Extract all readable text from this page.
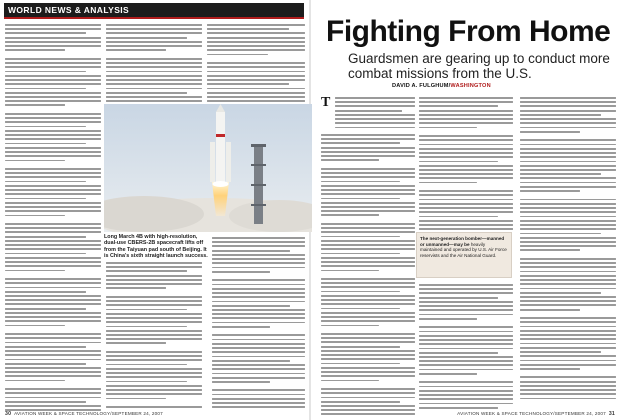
WORLD NEWS & ANALYSIS
Long March 4B with high-resolution, dual-use CBERS-2B spacecraft lifts off from the Taiyuan pad south of Beijing. It is China's sixth straight launch success.
30 AVIATION WEEK & SPACE TECHNOLOGY/SEPTEMBER 24, 2007
Fighting From Home
Guardsmen are gearing up to conduct more combat missions from the U.S.
DAVID A. FULGHUM/WASHINGTON
T
The next-generation bomber—manned or unmanned—may be heavily maintained and operated by U.S. Air Force reservists and the Air National Guard.
AVIATION WEEK & SPACE TECHNOLOGY/SEPTEMBER 24, 2007 31
